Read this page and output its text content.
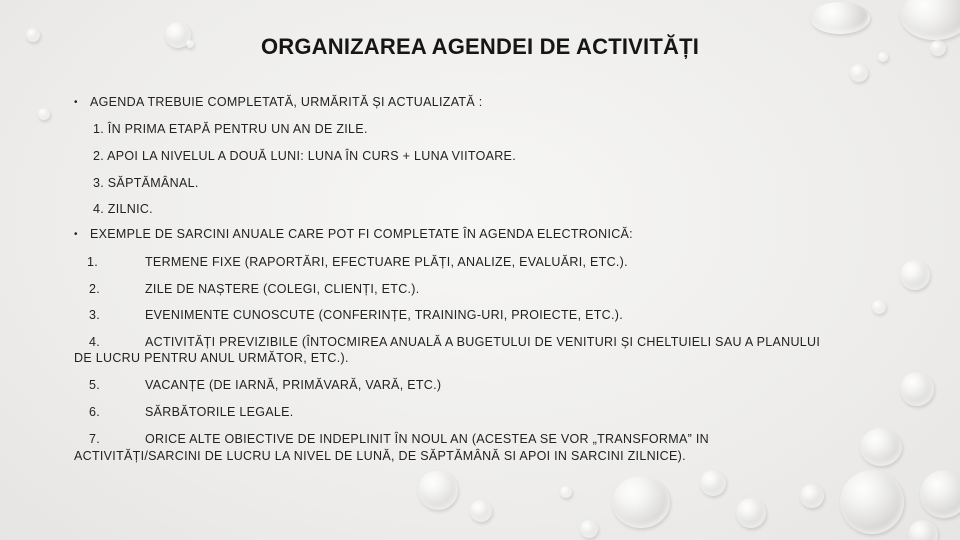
ORGANIZAREA AGENDEI DE ACTIVITĂȚI
• AGENDA TREBUIE COMPLETATĂ, URMĂRITĂ ȘI ACTUALIZATĂ :
1. ÎN PRIMA ETAPĂ PENTRU UN AN DE ZILE.
2. APOI LA NIVELUL A DOUĂ LUNI: LUNA ÎN CURS + LUNA VIITOARE.
3. SĂPTĂMÂNAL.
4. ZILNIC.
• EXEMPLE DE SARCINI ANUALE CARE POT FI COMPLETATE ÎN AGENDA ELECTRONICĂ:
1.	TERMENE FIXE (RAPORTĂRI, EFECTUARE PLĂȚI, ANALIZE, EVALUĂRI, ETC.).
2.	ZILE DE NAȘTERE (COLEGI, CLIENȚI, ETC.).
3.	EVENIMENTE CUNOSCUTE (CONFERINȚE, TRAINING-URI, PROIECTE, ETC.).
4.	ACTIVITĂȚI PREVIZIBILE (ÎNTOCMIREA ANUALĂ A BUGETULUI DE VENITURI ȘI CHELTUIELI SAU A PLANULUI
DE LUCRU PENTRU ANUL URMĂTOR, ETC.).
5.	VACANȚE (DE IARNĂ, PRIMĂVARĂ, VARĂ, ETC.)
6.	SĂRBĂTORILE LEGALE.
7.	ORICE ALTE OBIECTIVE DE INDEPLINIT ÎN NOUL AN (ACESTEA SE VOR „TRANSFORMA” IN
ACTIVITĂȚI/SARCINI DE LUCRU LA NIVEL DE LUNĂ, DE SĂPTĂMÂNĂ SI APOI IN SARCINI ZILNICE).
